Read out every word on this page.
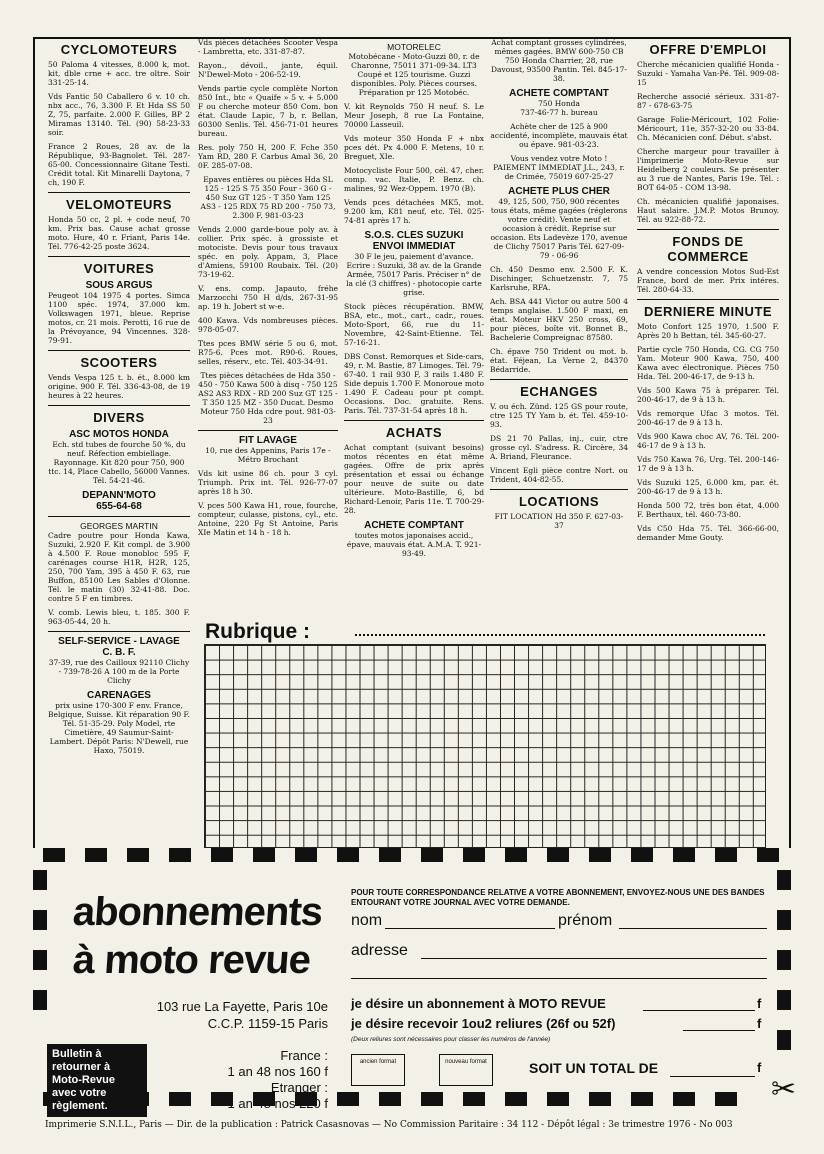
CYCLOMOTEURS
50 Paloma 4 vitesses, 8.000 k, mot. kit, dble crne + acc. tre oltre. Soir 331-25-14.
Vds Fantic 50 Caballero 6 v. 10 ch. nbx acc., 76, 3.300 F. Et Hda SS 50 Z, 75, parfaite. 2.000 F. Gilles, BP 2 Miramas 13140. Tél. (90) 58-23-33 soir.
France 2 Roues, 28 av. de la République, 93-Bagnolet. Tél. 287-65-00. Concessionnaire Gitane Testi. Crédit total. Kit Minarelli Daytona, 7 ch, 190 F.
VELOMOTEURS
Honda 50 cc, 2 pl. + code neuf, 70 km. Prix bas. Cause achat grosse moto. Hure, 40 r. Friant, Paris 14e. Tél. 776-42-25 poste 3624.
VOITURES
SOUS ARGUS
Peugeot 104 1975 4 portes. Simca 1100 spéc. 1974, 37.000 km. Volkswagen 1971, bleue. Reprise motos, cr. 21 mois. Perotti, 16 rue de la Prévoyance, 94 Vincennes. 328-79-91.
SCOOTERS
Vends Vespa 125 t. b. ét., 8.000 km origine. 900 F. Tél. 336-43-08, de 19 heures à 22 heures.
DIVERS
ASC MOTOS HONDA
Ech. std tubes de fourche 50 %, du neuf. Réfection embiellage. Rayonnage. Kit 820 pour 750, 900 ttc. 14, Place Cabello, 56000 Vannes. Tél. 54-21-46.
DEPANN'MOTO
655-64-68
GEORGES MARTIN
Cadre poutre pour Honda Kawa, Suzuki, 2.920 F. Kit compl. de 3.900 à 4.500 F. Roue monobloc 595 F, carénages course H1R, H2R, 125, 250, 700 Yam, 395 à 450 F. 63, rue Buffon, 85100 Les Sables d'Olonne. Tél. le matin (30) 32-41-88. Doc. contre 5 F en timbres.
V. comb. Lewis bleu, t. 185. 300 F. 963-05-44, 20 h.
SELF-SERVICE - LAVAGE
C. B. F.
37-39, rue des Cailloux 92110 Clichy - 739-78-26 A 100 m de la Porte Clichy
CARENAGES
prix usine 170-300 F env. France, Belgique, Suisse. Kit réparation 90 F. Tél. 51-35-29. Poly Model, rte Cimetière, 49 Saumur-Saint-Lambert. Dépôt Paris: N'Dewell, rue Haxo, 75019.
Vds pièces détachées Scooter Vespa - Lambretta, etc. 331-87-87.
Rayon., dévoil., jante, équil. N'Dewel-Moto - 206-52-19.
Vends partie cycle complète Norton 850 Int., btc « Quaife » 5 v. + 5.000 F ou cherche moteur 850 Com. bon état. Claude Lapic, 7 b, r. Bellan, 60300 Senlis. Tél. 456-71-01 heures bureau.
Res. poly 750 H, 200 F. Fche 350 Yam RD, 280 F. Carbus Amal 36, 20 0F. 285-07-08.
Epaves entières ou pièces Hda SL 125 - 125 S 75 350 Four - 360 G - 450 Suz GT 125 - T 350 Yam 125 AS3 - 125 RDX 75 RD 200 - 750 73, 2.300 F. 981-03-23
Vends 2.000 garde-boue poly av. à collier. Prix spéc. à grossiste et motociste. Devis pour tous travaux spéc. en poly. Appam, 3, Place d'Amiens, 59100 Roubaix. Tél. (20) 73-19-62.
V. ens. comp. Japauto, fréhe Marzocchi 750 H d/ds, 267-31-95 ap. 19 h. Jobert st w-e.
400 Kawa. Vds nombreuses pièces. 978-05-07.
Ttes pces BMW série 5 ou 6, mot. R75-6. Pces mot. R90-6. Roues, selles, réserv., etc. Tél. 403-34-91.
Ttes pièces détachées de Hda 350 - 450 - 750 Kawa 500 à disq - 750 125 AS2 AS3 RDX - RD 200 Suz GT 125 - T 350 125 MZ - 350 Ducat. Desmo Moteur 750 Hda cdre pout. 981-03-23
FIT LAVAGE
10, rue des Appenins, Paris 17e - Métro Brochant
Vds kit usine 86 ch. pour 3 cyl. Triumph. Prix int. Tél. 926-77-07 après 18 h 30.
V. pces 500 Kawa H1, roue, fourche, compteur, culasse, pistons, cyl., etc. Antoine, 220 Fg St Antoine, Paris XIe Matin et 14 h - 18 h.
MOTORELEC
Motobécane - Moto-Guzzi 80, r. de Charonne, 75011 371-09-34. LT3 Coupé et 125 tourisme. Guzzi disponibles. Poly. Pièces courses. Préparation pr 125 Motobéc.
V. kit Reynolds 750 H neuf. S. Le Meur Joseph, 8 rue La Fontaine, 70000 Lasseuil.
Vds moteur 350 Honda F + nbx pces dét. Px 4.000 F. Metens, 10 r. Breguet, XIe.
Motocycliste Four 500, cél. 47, cher. comp. vac. Italie, P. Benz. ch. malines, 92 Wez-Oppem. 1970 (B).
Vends pces détachées MK5, mot. 9.200 km, K81 neuf, etc. Tél. 025-74-81 après 17 h.
S.O.S. CLES SUZUKI
ENVOI IMMEDIAT
30 F le jeu, paiement d'avance. Ecrire : Suzuki, 38 av. de la Grande Armée, 75017 Paris. Préciser n° de la clé (3 chiffres) - photocopie carte grise.
Stock pièces récupération. BMW, BSA, etc., mot., cart., cadr., roues. Moto-Sport, 66, rue du 11-Novembre, 42-Saint-Etienne. Tél. 57-16-21.
DBS Const. Remorques et Side-cars, 49, r. M. Bastie, 87 Limoges. Tél. 79-67-40. 1 rail 930 F, 3 rails 1.480 F. Side depuis 1.700 F. Monoroue moto 1.490 F. Cadeau pour pt compt. Occasions. Doc. gratuite. Rens. Paris. Tél. 737-31-54 après 18 h.
ACHATS
Achat comptant (suivant besoins) motos récentes en état même gagées. Offre de prix après présentation et essai ou échange pour neuve de suite ou date ultérieure. Moto-Bastille, 6, bd Richard-Lenoir, Paris 11e. T. 700-29-28.
ACHETE COMPTANT
toutes motos japonaises accid., épave, mauvais état. A.M.A. T. 921-93-49.
Achat comptant grosses cylindrées, mêmes gagées. BMW 600-750 CB 750 Honda Charrier, 28, rue Davoust, 93500 Pantin. Tél. 845-17-38.
ACHETE COMPTANT
750 Honda
737-46-77 h. bureau
Achète cher de 125 à 900 accidenté, incomplète, mauvais état ou épave. 981-03-23.
Vous vendez votre Moto ! PAIEMENT IMMEDIAT J.L., 243, r. de Crimée, 75019 607-25-27
ACHETE PLUS CHER
49, 125, 500, 750, 900 récentes tous états, même gagées (réglerons votre crédit). Vente neuf et occasion à crédit. Reprise sur occasion. Ets Ladevèze 170, avenue de Clichy 75017 Paris Tél. 627-09-79 - 06-96
Ch. 450 Desmo env. 2.500 F. K. Dischinger, Schuetzenstr. 7, 75 Karlsruhe, RFA.
Ach. BSA 441 Victor ou autre 500 4 temps anglaise. 1.500 F maxi, en état. Moteur HKV 250 cross, 69, pour pièces, boîte vit. Bonnet B., Bachelerie Compreignac 87580.
Ch. épave 750 Trident ou mot. b. état. Féjean, La Verne 2, 84370 Bédarride.
ECHANGES
V. ou éch. Zünd. 125 GS pour route, ctre 125 TY Yam b. ét. Tél. 459-10-93.
DS 21 70 Pallas, inj., cuir, ctre grosse cyl. S'adress. R. Circère, 34 A. Briand, Fleurance.
Vincent Egli pièce contre Nort. ou Trident, 404-82-55.
LOCATIONS
FIT LOCATION Hd 350 F. 627-03-37
OFFRE D'EMPLOI
Cherche mécanicien qualifié Honda - Suzuki - Yamaha Van-Pé. Tél. 909-08-15
Recherche associé sérieux. 331-87-87 - 678-63-75
Garage Folie-Méricourt, 102 Folie-Méricourt, 11e, 357-32-20 ou 33-84. Ch. Mécanicien conf. Début. s'abst.
Cherche margeur pour travailler à l'imprimerie Moto-Revue sur Heidelberg 2 couleurs. Se présenter au 3 rue de Nantes, Paris 19e. Tél. : BOT 64-05 - COM 13-98.
Ch. mécanicien qualifié japonaises. Haut salaire. J.M.P. Motos Brunoy. Tél. au 922-88-72.
FONDS DE COMMERCE
A vendre concession Motos Sud-Est France, bord de mer. Prix intéres. Tél. 280-64-33.
DERNIERE MINUTE
Moto Confort 125 1970, 1.500 F. Après 20 h Bettan, tél. 345-60-27.
Partie cycle 750 Honda, CG. CG 750 Yam. Moteur 900 Kawa, 750, 400 Kawa avec électronique. Pièces 750 Hda. Tél. 200-46-17, de 9-13 h.
Vds 500 Kawa 75 à préparer. Tél. 200-46-17, de 9 à 13 h.
Vds remorque Ufac 3 motos. Tél. 200-46-17 de 9 à 13 h.
Vds 900 Kawa choc AV, 76. Tél. 200-46-17 de 9 à 13 h.
Vds 750 Kawa 76, Urg. Tél. 200-146-17 de 9 à 13 h.
Vds Suzuki 125, 6.000 km, par. ét. 200-46-17 de 9 à 13 h.
Honda 500 72, très bon état, 4.000 F. Berthaux, tél. 460-73-80.
Vds C50 Hda 75. Tél. 366-66-00, demander Mme Gouty.
Rubrique :
abonnements
à moto revue
103 rue La Fayette, Paris 10e
C.C.P. 1159-15 Paris
France :
1 an 48 nos 160 f
Etranger :
1 an 48 nos 220 f
Bulletin à retourner à Moto-Revue avec votre règlement.
POUR TOUTE CORRESPONDANCE RELATIVE A VOTRE ABONNEMENT, ENVOYEZ-NOUS UNE DES BANDES ENTOURANT VOTRE JOURNAL AVEC VOTRE DEMANDE.
nom	prénom
adresse
je désire un abonnement à MOTO REVUE	f
je désire recevoir 1ou2 reliures (26f ou 52f)	f
(Deux reliures sont nécessaires pour classer les numéros de l'année)
ancien format	nouveau format	SOIT UN TOTAL DE	f
✂
Imprimerie S.N.I.L., Paris — Dir. de la publication : Patrick Casasnovas — No Commission Paritaire : 34 112 - Dépôt légal : 3e trimestre 1976 - No 003
